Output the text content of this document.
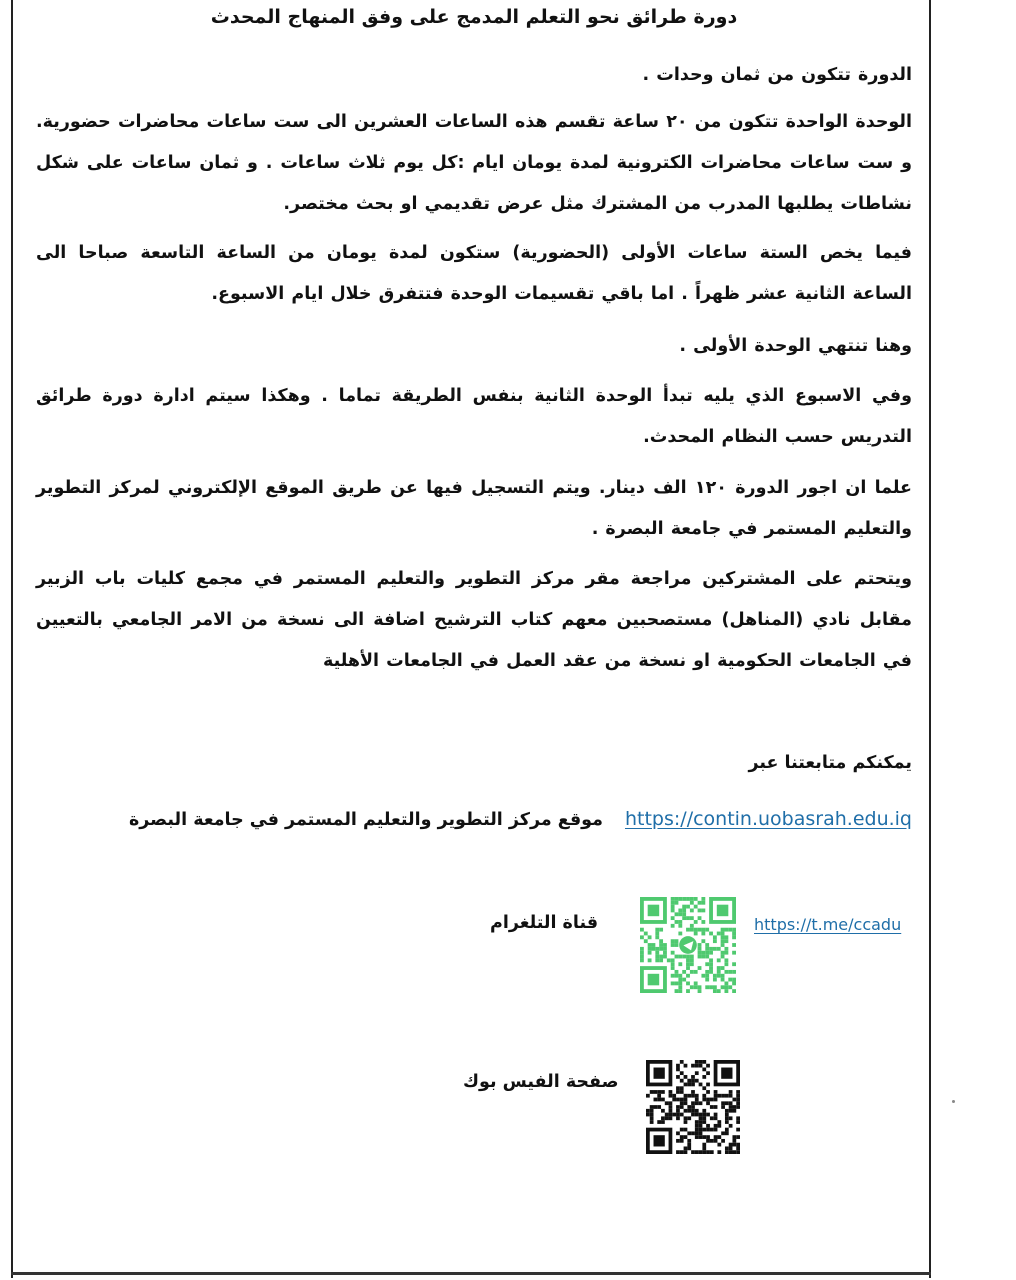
دورة طرائق نحو التعلم المدمج على وفق المنهاج المحدث
الدورة تتكون من ثمان وحدات .
الوحدة الواحدة تتكون من ٢٠ ساعة تقسم هذه الساعات العشرين الى ست ساعات محاضرات حضورية. و ست ساعات محاضرات الكترونية لمدة يومان ايام :كل يوم ثلاث ساعات . و ثمان ساعات على شكل نشاطات يطلبها المدرب من المشترك مثل عرض تقديمي او بحث مختصر.
فيما يخص الستة ساعات الأولى (الحضورية) ستكون لمدة يومان من الساعة التاسعة صباحا الى الساعة الثانية عشر ظهراً . اما باقي تقسيمات الوحدة فتتفرق خلال ايام الاسبوع.
وهنا تنتهي الوحدة الأولى .
وفي الاسبوع الذي يليه تبدأ الوحدة الثانية بنفس الطريقة تماما . وهكذا سيتم ادارة دورة طرائق التدريس حسب النظام المحدث.
علما ان اجور الدورة ١٢٠ الف دينار. ويتم التسجيل فيها عن طريق الموقع الإلكتروني لمركز التطوير والتعليم المستمر في جامعة البصرة .
ويتحتم على المشتركين مراجعة مقر مركز التطوير والتعليم المستمر في مجمع كليات باب الزبير مقابل نادي (المناهل) مستصحبين معهم كتاب الترشيح اضافة الى نسخة من الامر الجامعي بالتعيين في الجامعات الحكومية او نسخة من عقد العمل في الجامعات الأهلية
يمكنكم متابعتنا عبر
https://contin.uobasrah.edu.iqموقع مركز التطوير والتعليم المستمر في جامعة البصرة
https://t.me/ccadu
قناة التلغرام
صفحة الفيس بوك
